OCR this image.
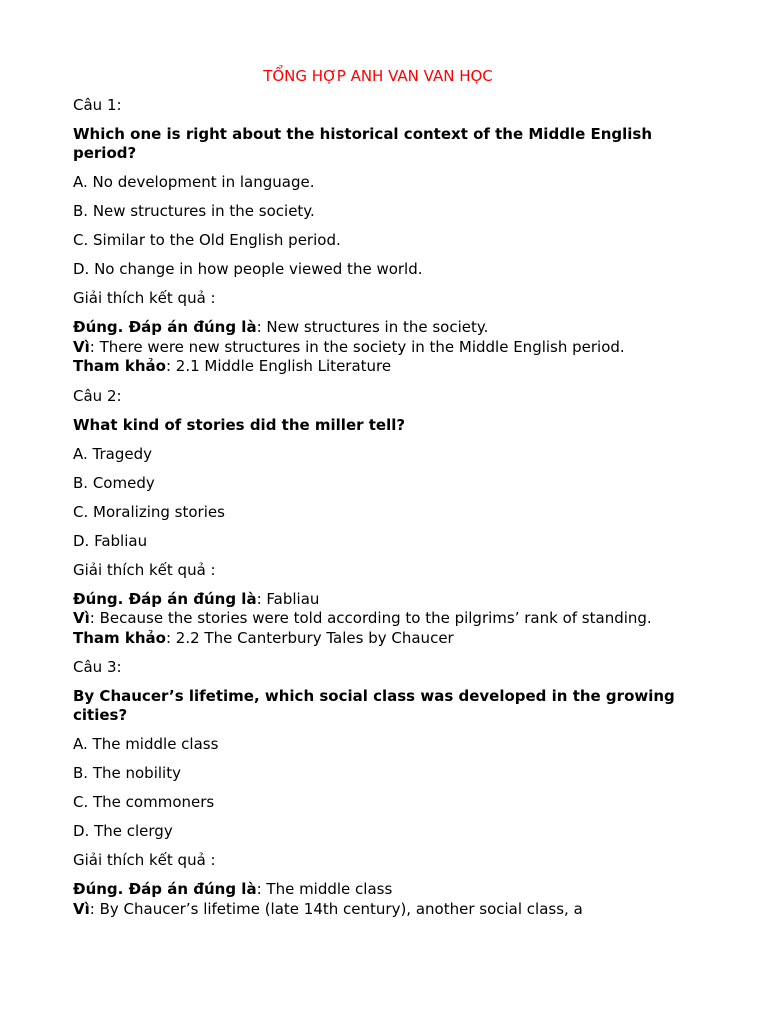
TỔNG HỢP ANH VAN VAN HỌC
Câu 1:
Which one is right about the historical context of the Middle English period?
A. No development in language.
B. New structures in the society.
C. Similar to the Old English period.
D. No change in how people viewed the world.
Giải thích kết quả :
Đúng. Đáp án đúng là: New structures in the society.
Vì: There were new structures in the society in the Middle English period.
Tham khảo: 2.1 Middle English Literature
Câu 2:
What kind of stories did the miller tell?
A. Tragedy
B. Comedy
C. Moralizing stories
D. Fabliau
Giải thích kết quả :
Đúng. Đáp án đúng là: Fabliau
Vì: Because the stories were told according to the pilgrims’ rank of standing.
Tham khảo: 2.2 The Canterbury Tales by Chaucer
Câu 3:
By Chaucer’s lifetime, which social class was developed in the growing cities?
A. The middle class
B. The nobility
C. The commoners
D. The clergy
Giải thích kết quả :
Đúng. Đáp án đúng là: The middle class
Vì: By Chaucer’s lifetime (late 14th century), another social class, a
